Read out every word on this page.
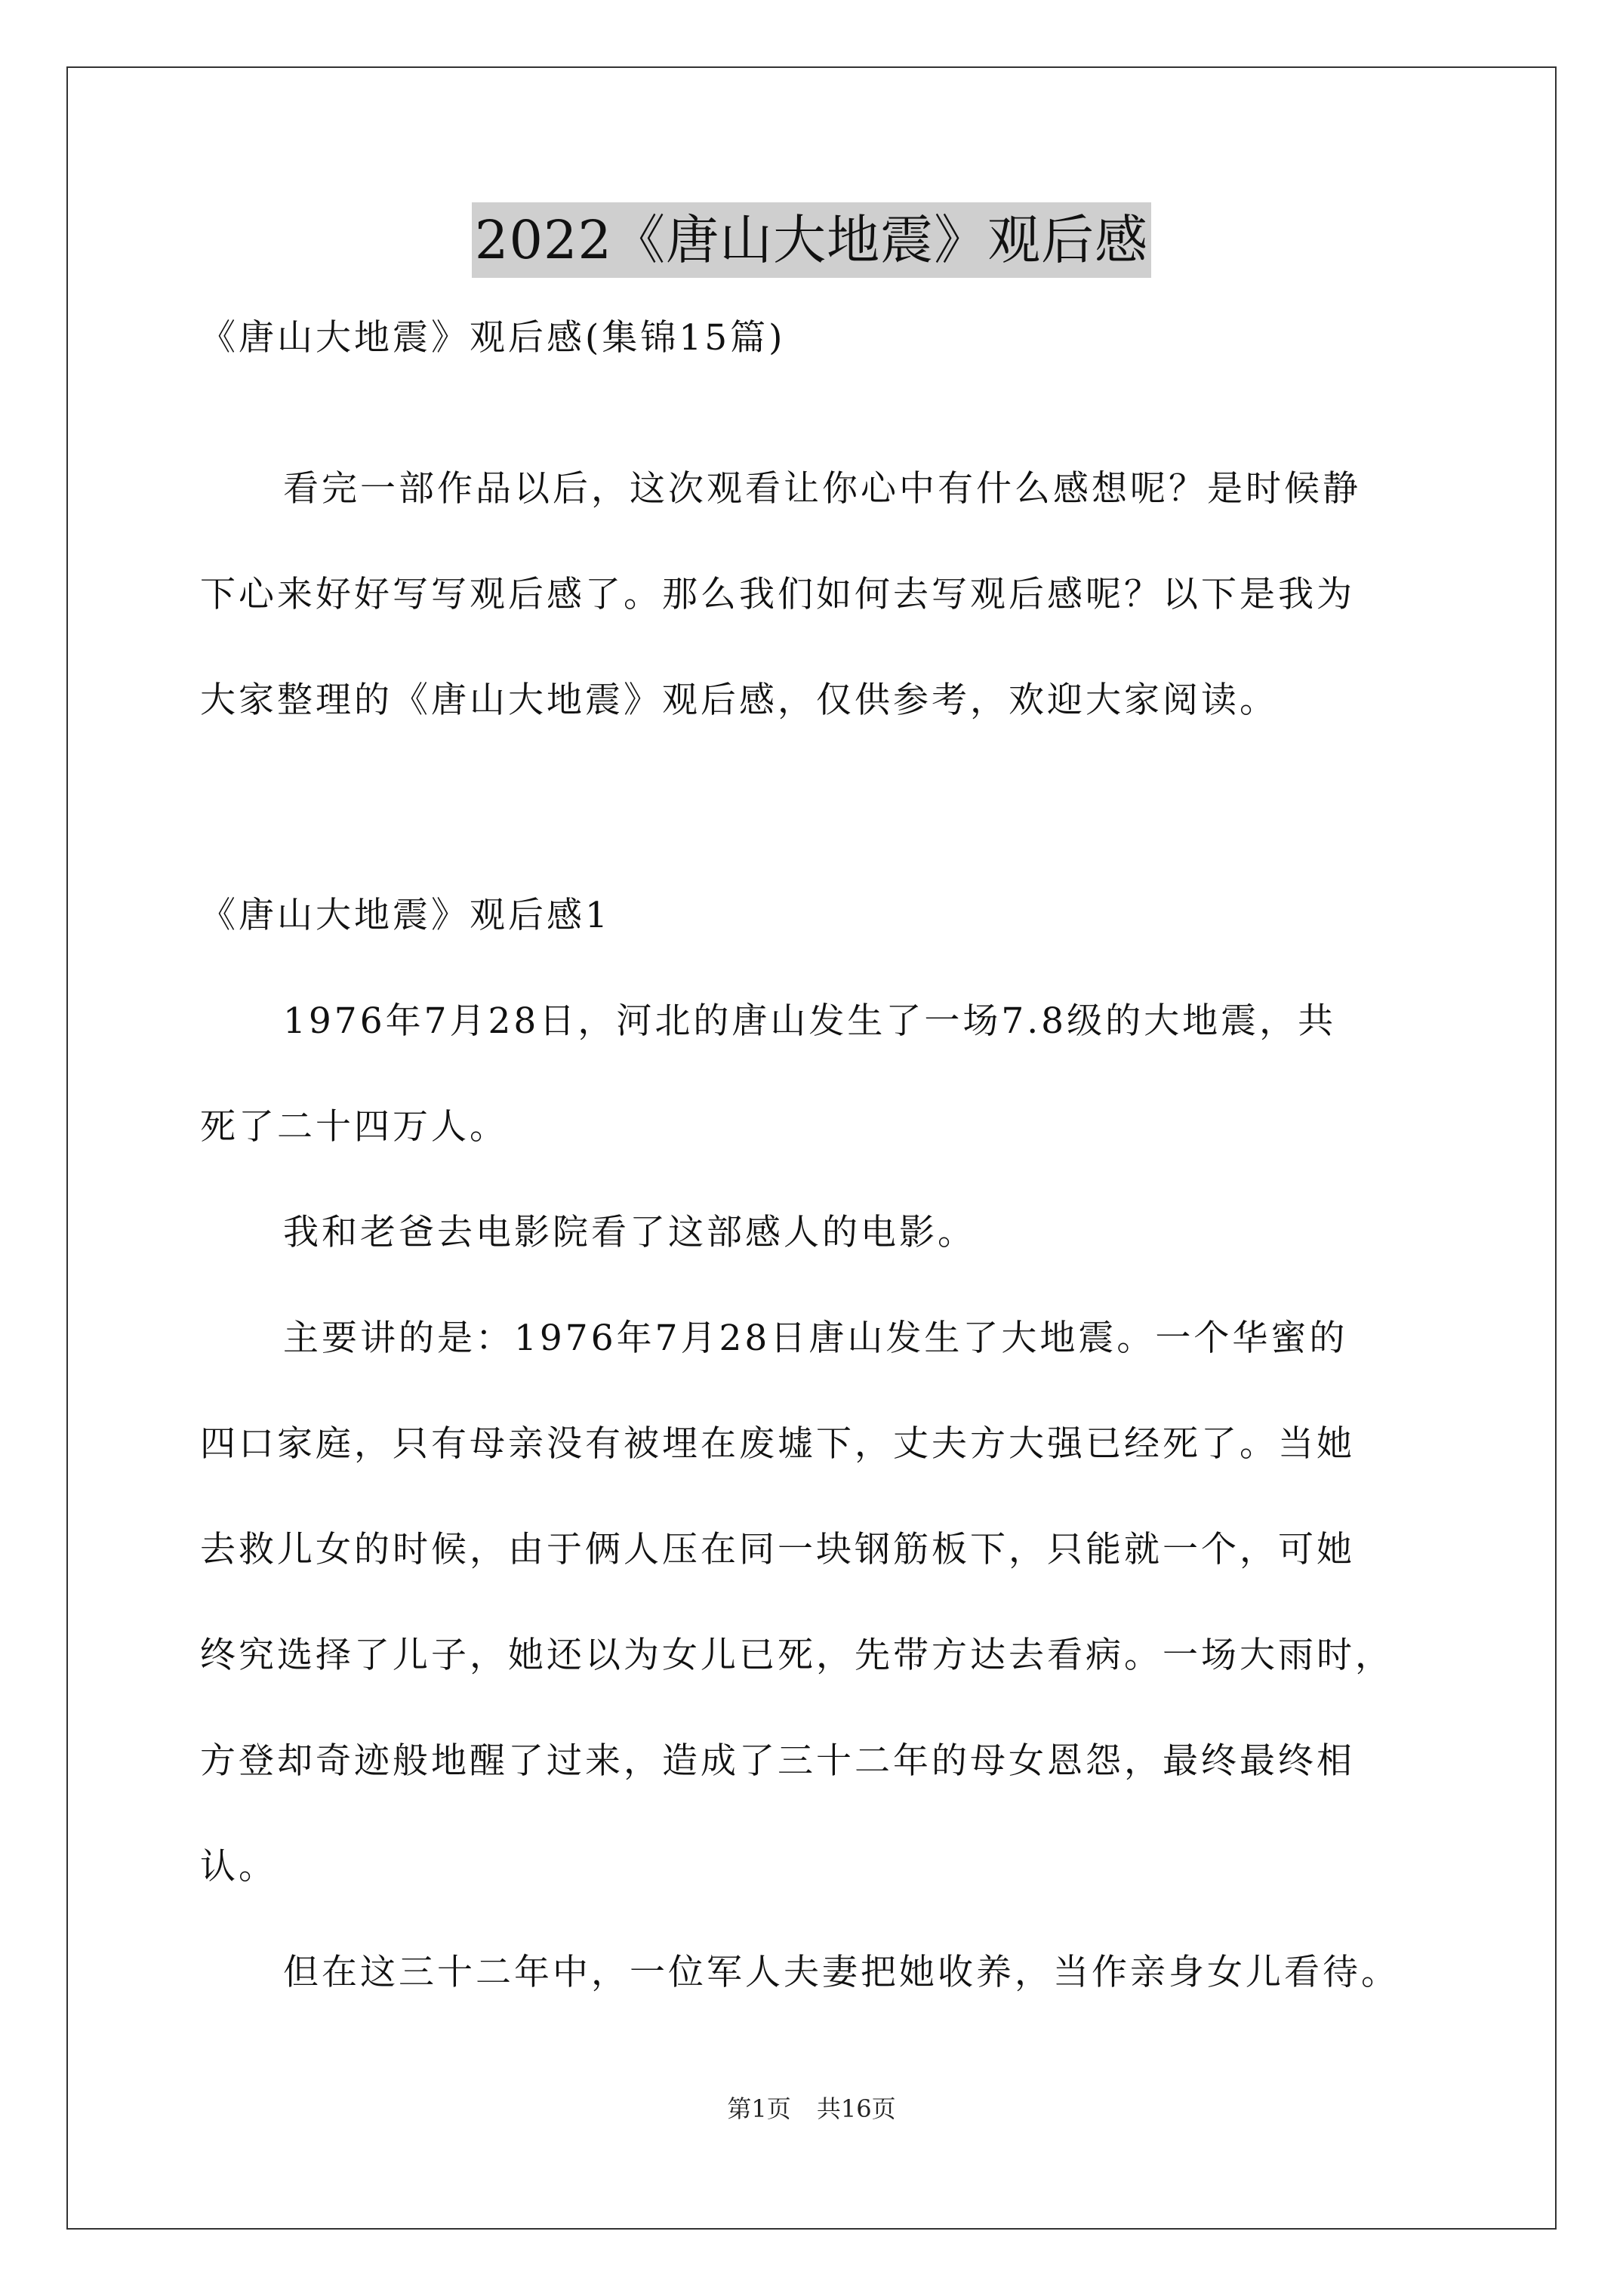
2022《唐山大地震》观后感
《唐山大地震》观后感(集锦15篇)
看完一部作品以后，这次观看让你心中有什么感想呢？是时候静
下心来好好写写观后感了。那么我们如何去写观后感呢？以下是我为
大家整理的《唐山大地震》观后感，仅供参考，欢迎大家阅读。
《唐山大地震》观后感1
1976年7月28日，河北的唐山发生了一场7.8级的大地震，共
死了二十四万人。
我和老爸去电影院看了这部感人的电影。
主要讲的是：1976年7月28日唐山发生了大地震。一个华蜜的
四口家庭，只有母亲没有被埋在废墟下，丈夫方大强已经死了。当她
去救儿女的时候，由于俩人压在同一块钢筋板下，只能就一个，可她
终究选择了儿子，她还以为女儿已死，先带方达去看病。一场大雨时，
方登却奇迹般地醒了过来，造成了三十二年的母女恩怨，最终最终相
认。
但在这三十二年中，一位军人夫妻把她收养，当作亲身女儿看待。
第1页 共16页
